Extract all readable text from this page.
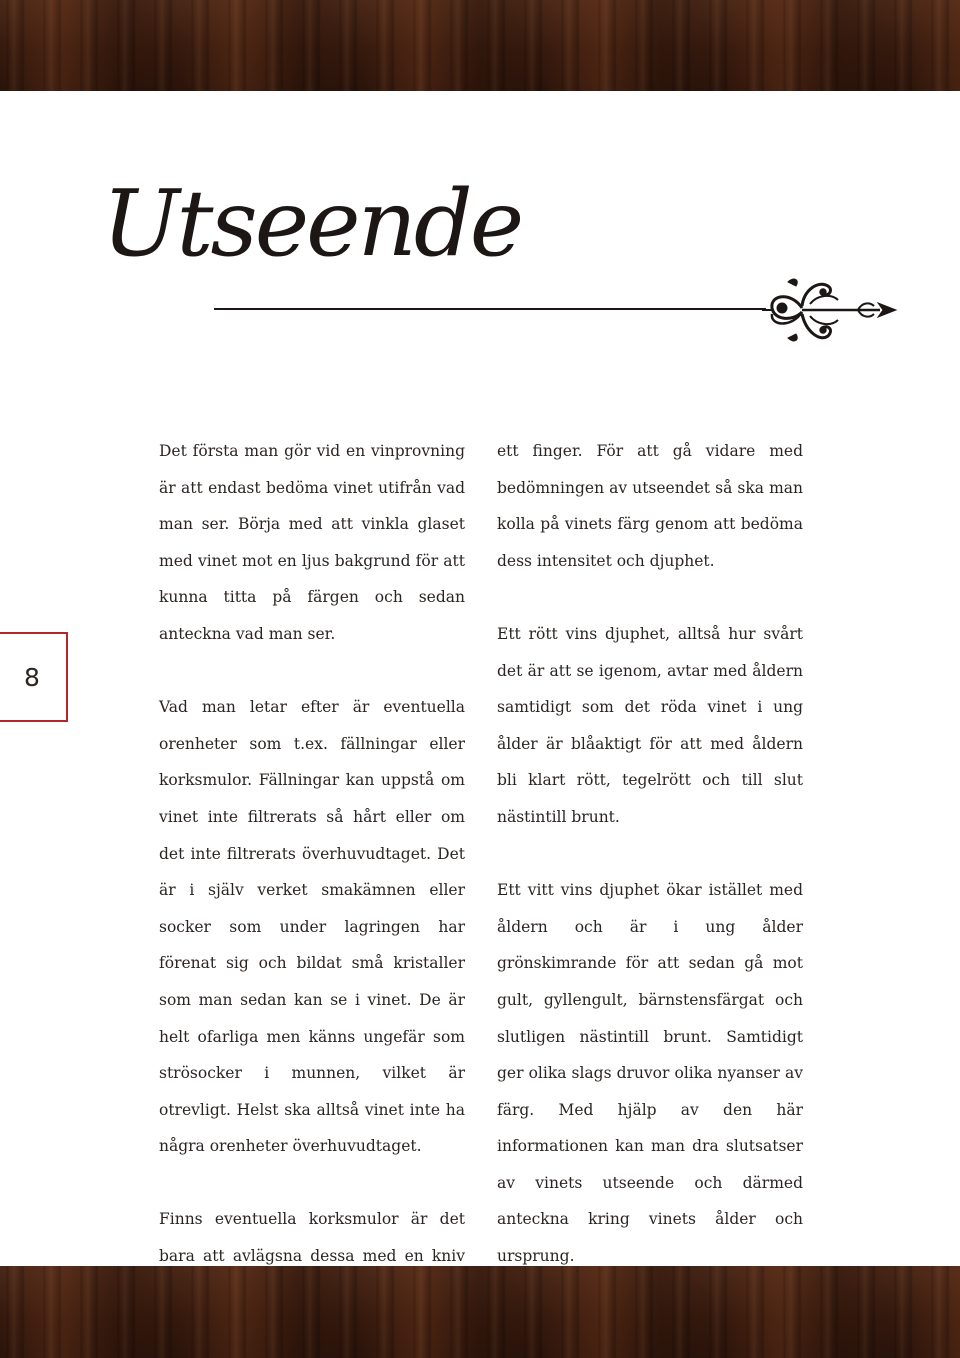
Utseende
8

Det första man gör vid en vinprovning är att endast bedöma vinet utifrån vad man ser. Börja med att vinkla glaset med vinet mot en ljus bakgrund för att kunna titta på färgen och sedan anteckna vad man ser.

Vad man letar efter är eventuella orenheter som t.ex. fällningar eller korksmulor. Fällningar kan uppstå om vinet inte filtrerats så hårt eller om det inte filtrerats överhuvudtaget. Det är i själv verket smakämnen eller socker som under lagringen har förenat sig och bildat små kristaller som man sedan kan se i vinet. De är helt ofarliga men känns ungefär som strösocker i munnen, vilket är otrevligt. Helst ska alltså vinet inte ha några orenheter överhuvudtaget.

Finns eventuella korksmulor är det bara att avlägsna dessa med en kniv

ett finger. För att gå vidare med bedömningen av utseendet så ska man kolla på vinets färg genom att bedöma dess intensitet och djuphet.

Ett rött vins djuphet, alltså hur svårt det är att se igenom, avtar med åldern samtidigt som det röda vinet i ung ålder är blåaktigt för att med åldern bli klart rött, tegelrött och till slut nästintill brunt.

Ett vitt vins djuphet ökar istället med åldern och är i ung ålder grönskimrande för att sedan gå mot gult, gyllengult, bärnstensfärgat och slutligen nästintill brunt. Samtidigt ger olika slags druvor olika nyanser av färg. Med hjälp av den här informationen kan man dra slutsatser av vinets utseende och därmed anteckna kring vinets ålder och ursprung.
